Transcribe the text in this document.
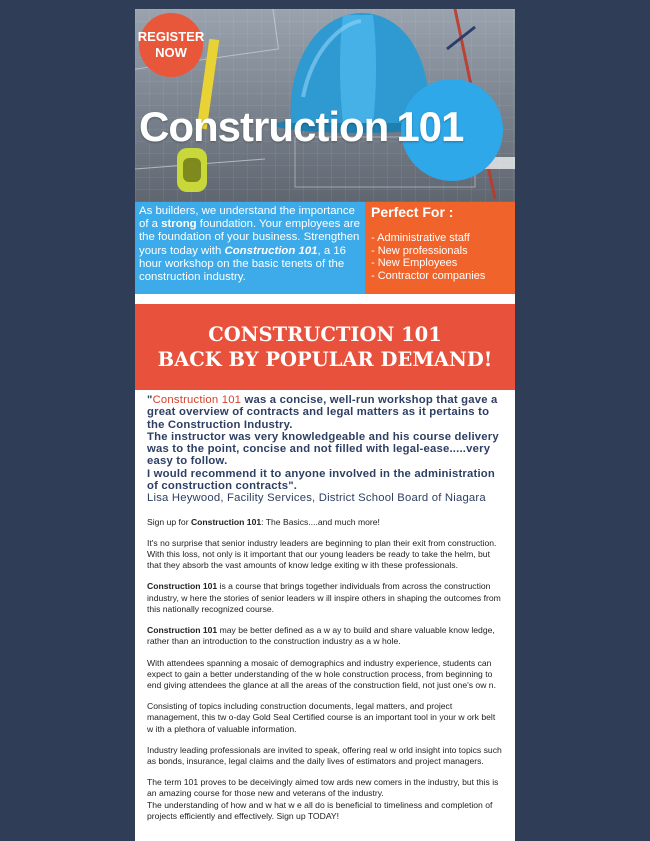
REGISTER
NOW
Construction 101
As builders, we understand the importance of a strong foundation. Your employees are the foundation of your business. Strengthen yours today with Construction 101, a 16 hour workshop on the basic tenets of the construction industry.
Perfect For :
- Administrative staff
- New professionals
- New Employees
- Contractor companies
CONSTRUCTION 101
BACK BY POPULAR DEMAND!
"Construction 101 was a concise, well-run workshop that gave a great overview of contracts and legal matters as it pertains to the Construction Industry.
The instructor was very knowledgeable and his course delivery was to the point, concise and not filled with legal-ease.....very easy to follow.
I would recommend it to anyone involved in the administration of construction contracts".
Lisa Heywood, Facility Services, District School Board of Niagara

Sign up for Construction 101: The Basics....and much more!

It's no surprise that senior industry leaders are beginning to plan their exit from construction. With this loss, not only is it important that our young leaders be ready to take the helm, but that they absorb the vast amounts of know ledge exiting w ith these professionals.

Construction 101 is a course that brings together individuals from across the construction industry, w here the stories of senior leaders w ill inspire others in shaping the outcomes from this nationally recognized course.

Construction 101 may be better defined as a w ay to build and share valuable know ledge, rather than an introduction to the construction industry as a w hole.

With attendees spanning a mosaic of demographics and industry experience, students can expect to gain a better understanding of the w hole construction process, from beginning to end giving attendees the glance at all the areas of the construction field, not just one's ow n.

Consisting of topics including construction documents, legal matters, and project management, this tw o-day Gold Seal Certified course is an important tool in your w ork belt w ith a plethora of valuable information.

Industry leading professionals are invited to speak, offering real w orld insight into topics such as bonds, insurance, legal claims and the daily lives of estimators and project managers.

The term 101 proves to be deceivingly aimed tow ards new comers in the industry, but this is an amazing course for those new and veterans of the industry.
The understanding of how and w hat w e all do is beneficial to timeliness and completion of projects efficiently and effectively. Sign up TODAY!
